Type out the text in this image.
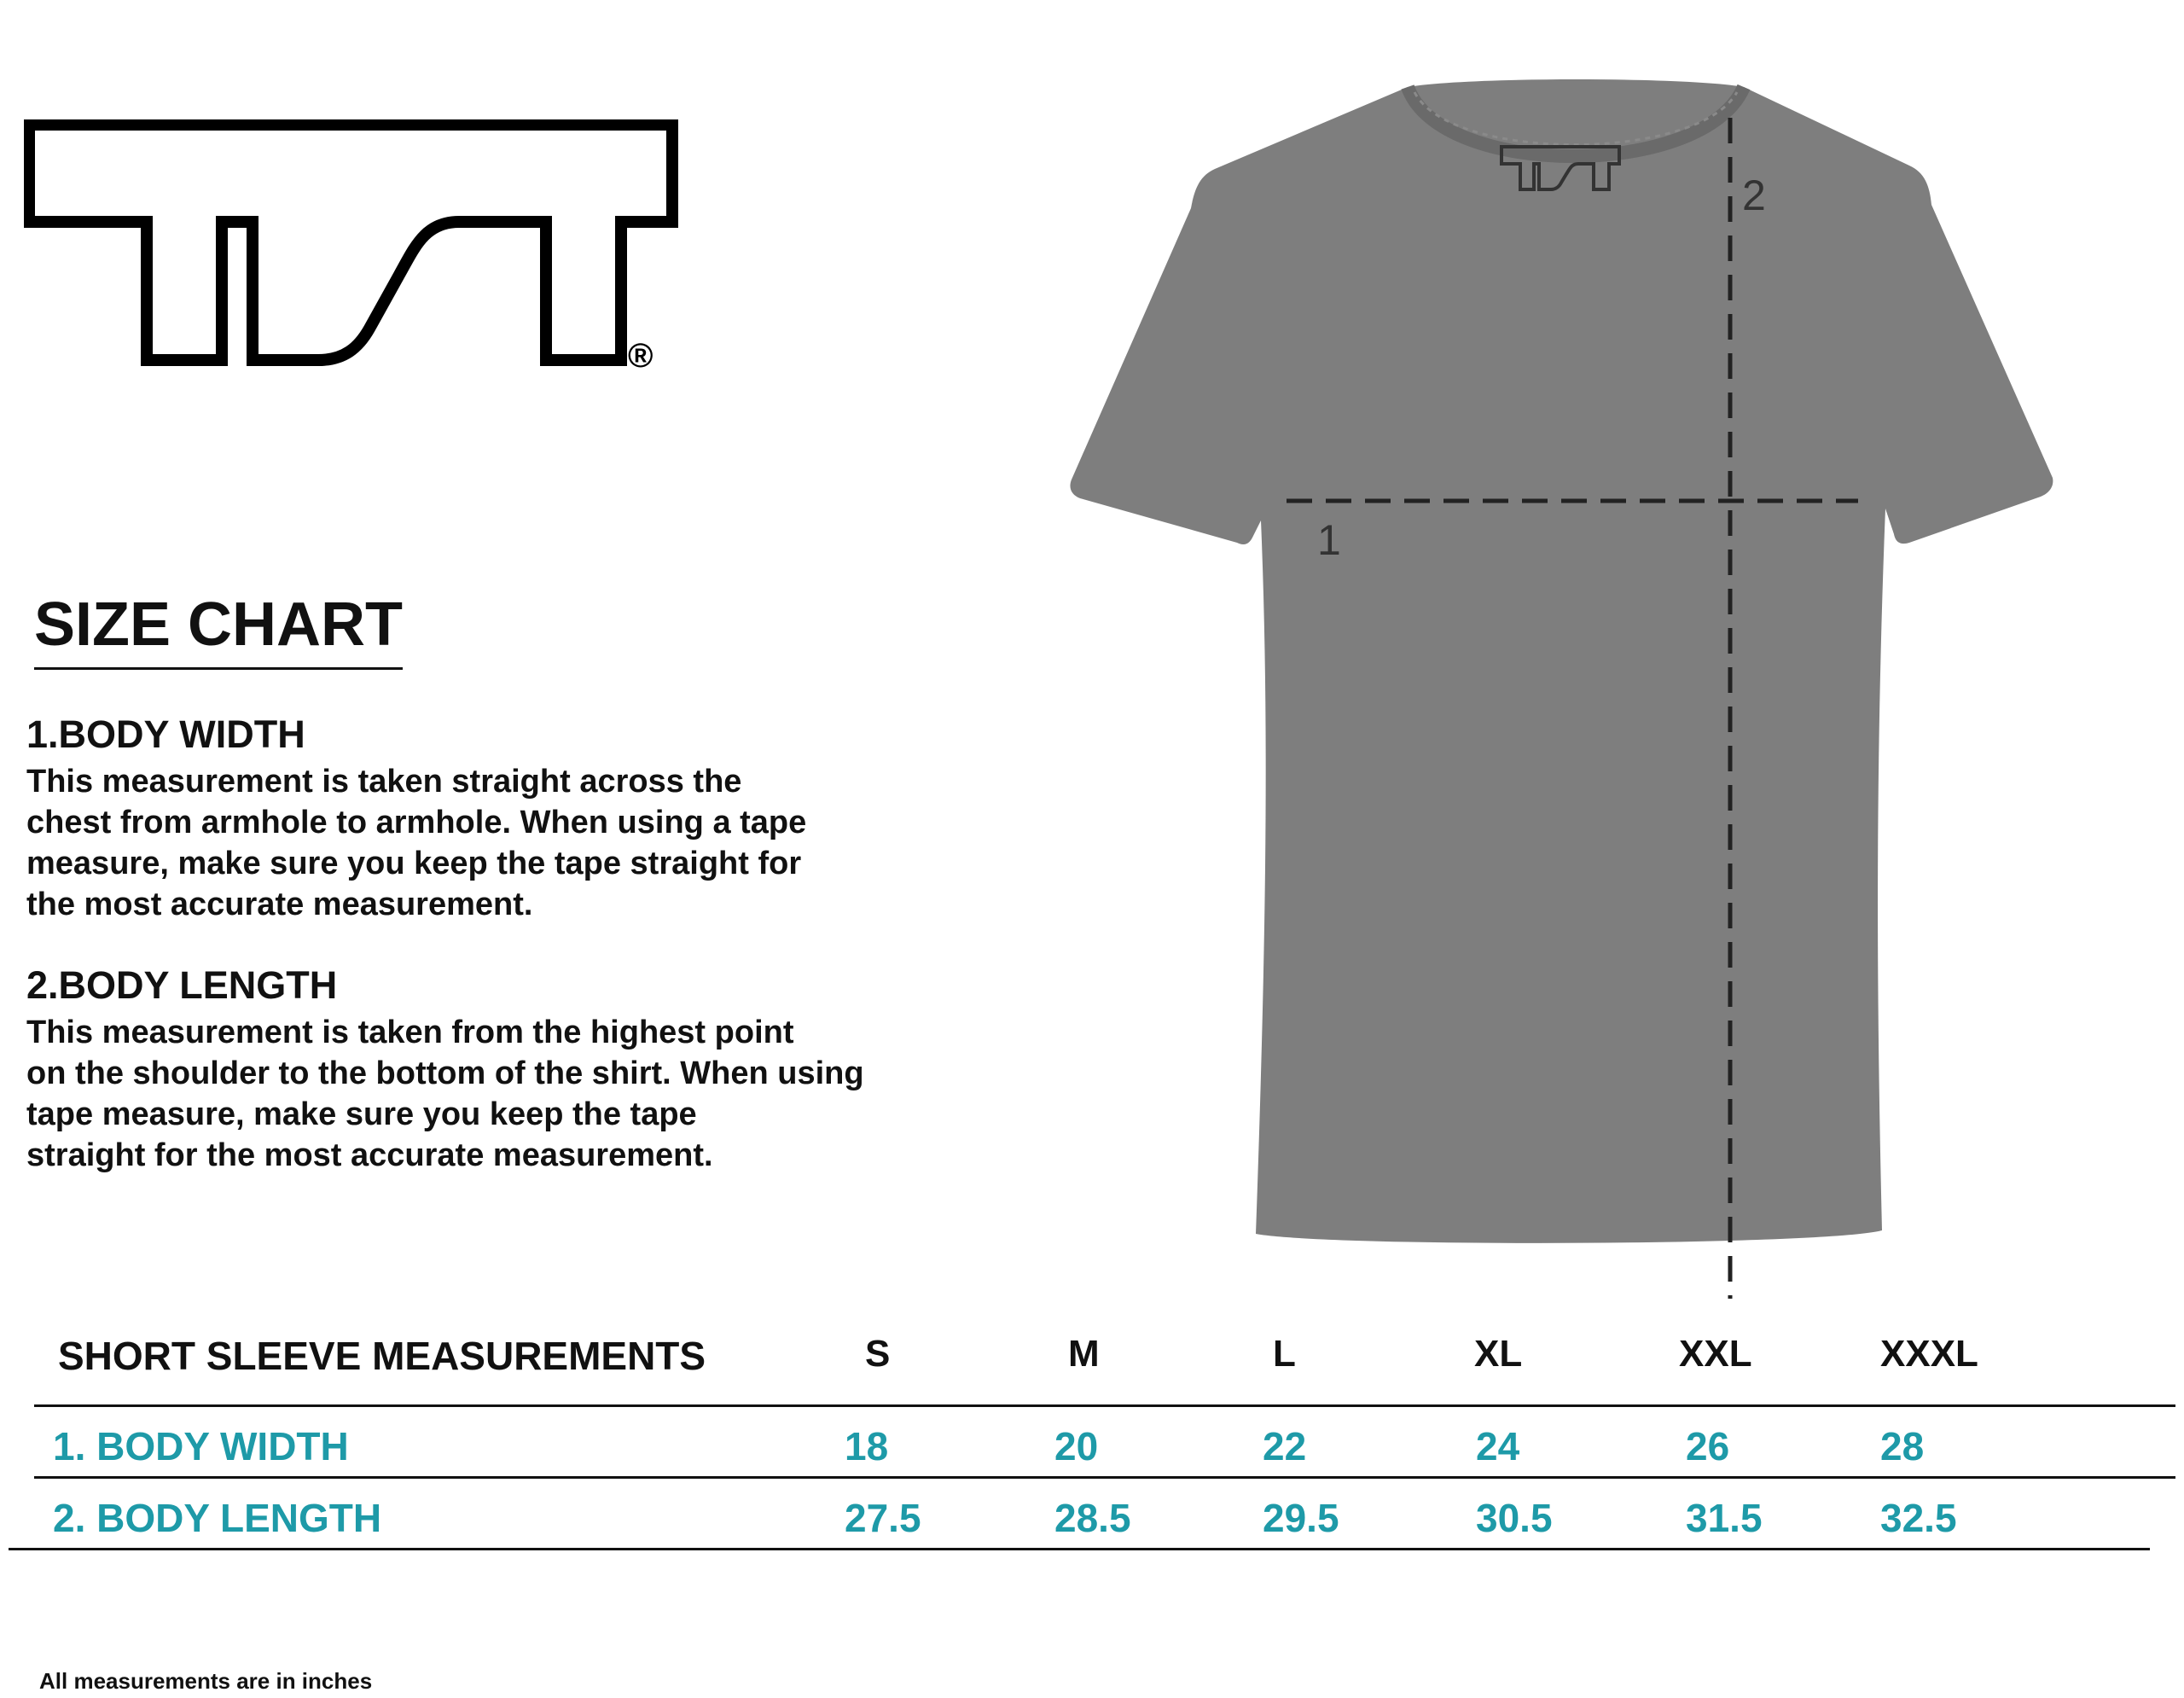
®
SIZE CHART
1.BODY WIDTH

This measurement is taken straight across the
chest from armhole to armhole. When using a tape
measure, make sure you keep the tape straight for
the most accurate measurement.

2.BODY LENGTH

This measurement is taken from the highest point
on the shoulder to the bottom of the shirt. When using
tape measure, make sure you keep the tape
straight for the most accurate measurement.

1
2
SHORT SLEEVE MEASUREMENTS	S	M	L	XL	XXL	XXXL
1. BODY WIDTH	18	20	22	24	26	28
2. BODY LENGTH	27.5	28.5	29.5	30.5	31.5	32.5
All measurements are in inches
